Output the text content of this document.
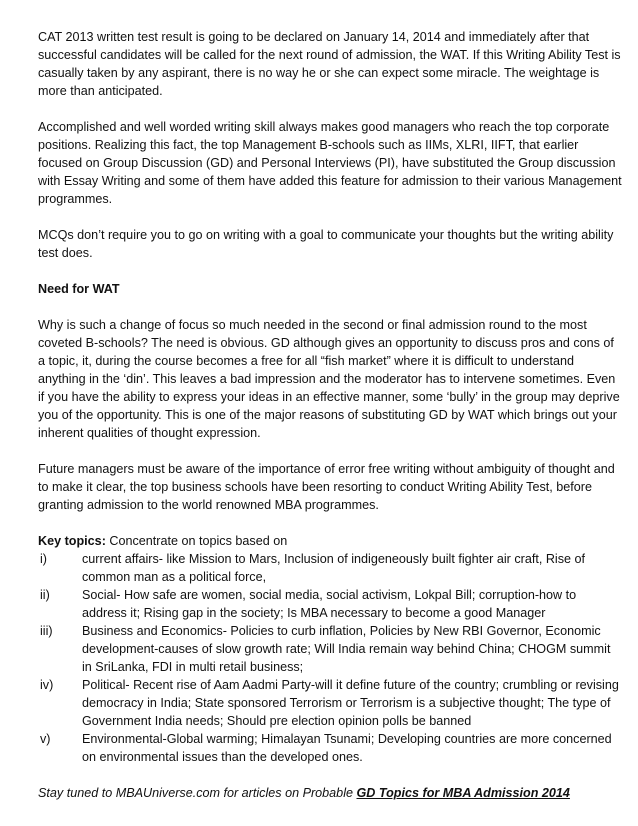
CAT 2013 written test result is going to be declared on January 14, 2014 and immediately after that successful candidates will be called for the next round of admission, the WAT. If this Writing Ability Test is casually taken by any aspirant, there is no way he or she can expect some miracle. The weightage is more than anticipated.

Accomplished and well worded writing skill always makes good managers who reach the top corporate positions. Realizing this fact, the top Management B-schools such as IIMs, XLRI, IIFT, that earlier focused on Group Discussion (GD) and Personal Interviews (PI), have substituted the Group discussion with Essay Writing and some of them have added this feature for admission to their various Management programmes.

MCQs don’t require you to go on writing with a goal to communicate your thoughts but the writing ability test does.

Need for WAT

Why is such a change of focus so much needed in the second or final admission round to the most coveted B-schools? The need is obvious. GD although gives an opportunity to discuss pros and cons of a topic, it, during the course becomes a free for all “fish market” where it is difficult to understand anything in the ‘din’. This leaves a bad impression and the moderator has to intervene sometimes. Even if you have the ability to express your ideas in an effective manner, some ‘bully’ in the group may deprive you of the opportunity. This is one of the major reasons of substituting GD by WAT which brings out your inherent qualities of thought expression.

Future managers must be aware of the importance of error free writing without ambiguity of thought and to make it clear, the top business schools have been resorting to conduct Writing Ability Test, before granting admission to the world renowned MBA programmes.

Key topics: Concentrate on topics based on
i)	current affairs- like Mission to Mars, Inclusion of indigeneously built fighter air craft, Rise of common man as a political force,
ii)	Social- How safe are women, social media, social activism, Lokpal Bill; corruption-how to address it; Rising gap in the society; Is MBA necessary to become a good Manager
iii)	Business and Economics- Policies to curb inflation, Policies by New RBI Governor, Economic development-causes of slow growth rate; Will India remain way behind China; CHOGM summit in SriLanka, FDI in multi retail business;
iv)	Political- Recent rise of Aam Aadmi Party-will it define future of the country; crumbling or revising democracy in India; State sponsored Terrorism or Terrorism is a subjective thought; The type of Government India needs; Should pre election opinion polls be banned
v)	Environmental-Global warming; Himalayan Tsunami; Developing countries are more concerned on environmental issues than the developed ones.
Stay tuned to MBAUniverse.com for articles on Probable GD Topics for MBA Admission 2014
